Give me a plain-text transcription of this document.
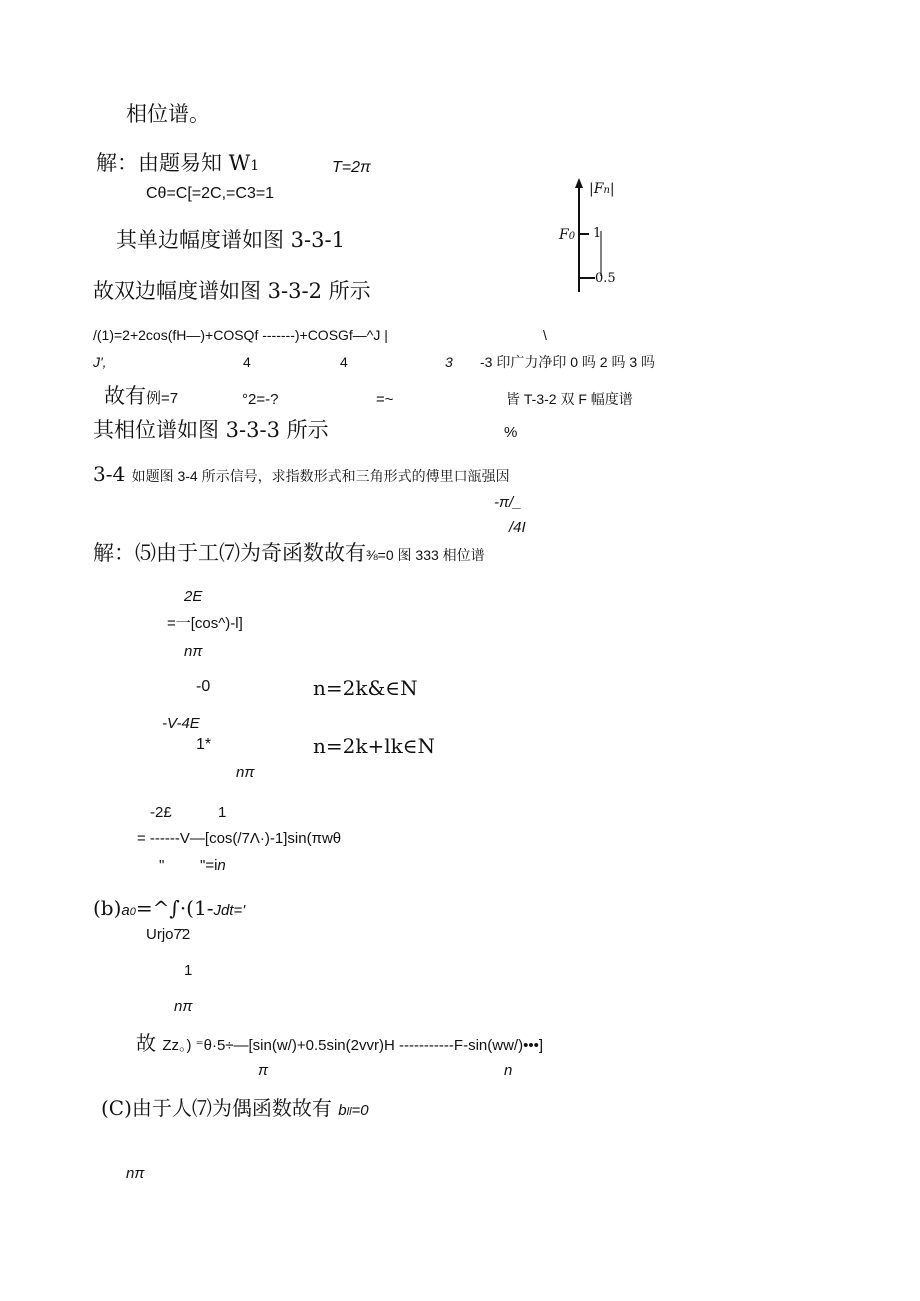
相位谱。
解：由题易知 W1	T=2π
Cθ=C[=2C,=C3=1
其单边幅度谱如图 3-3-1
故双边幅度谱如图 3-3-2 所示
/(1)=2+2cos(fH—)+COSQf -------)+COSGf—^J |	\
J',	4	4	3 -3 印广力净印 0 吗 2 吗 3 吗
故有例=7	°2=-?	=~	皆 T-3-2 双 F 幅度谱
其相位谱如图 3-3-3 所示	%
3-4 如题图 3-4 所示信号，求指数形式和三角形式的傅里口瓿强因
-π/_
/4I
解：⑸由于工⑺为奇函数故有⅜=0 图 333 相位谱
2E
=一[cos^)-l]
nπ
-0	n=2k&∈N
-V-4E
1*	n=2k+lk∈N
nπ
-2£	1
= ------V—[cos(/7Λ·)-1]sin(πwθ
" "=in
(b)a0=^∫·(1-Jdt='
Urjo7̄2
1
nπ
故 Zz。) ⁼θ·5÷—[sin(w/)+0.5sin(2vvr)H -----------F-sin(ww/)•••]
π	n
(C)由于人⑺为偶函数故有 bll=0
nπ
|Fn|
F0 1
0.5
